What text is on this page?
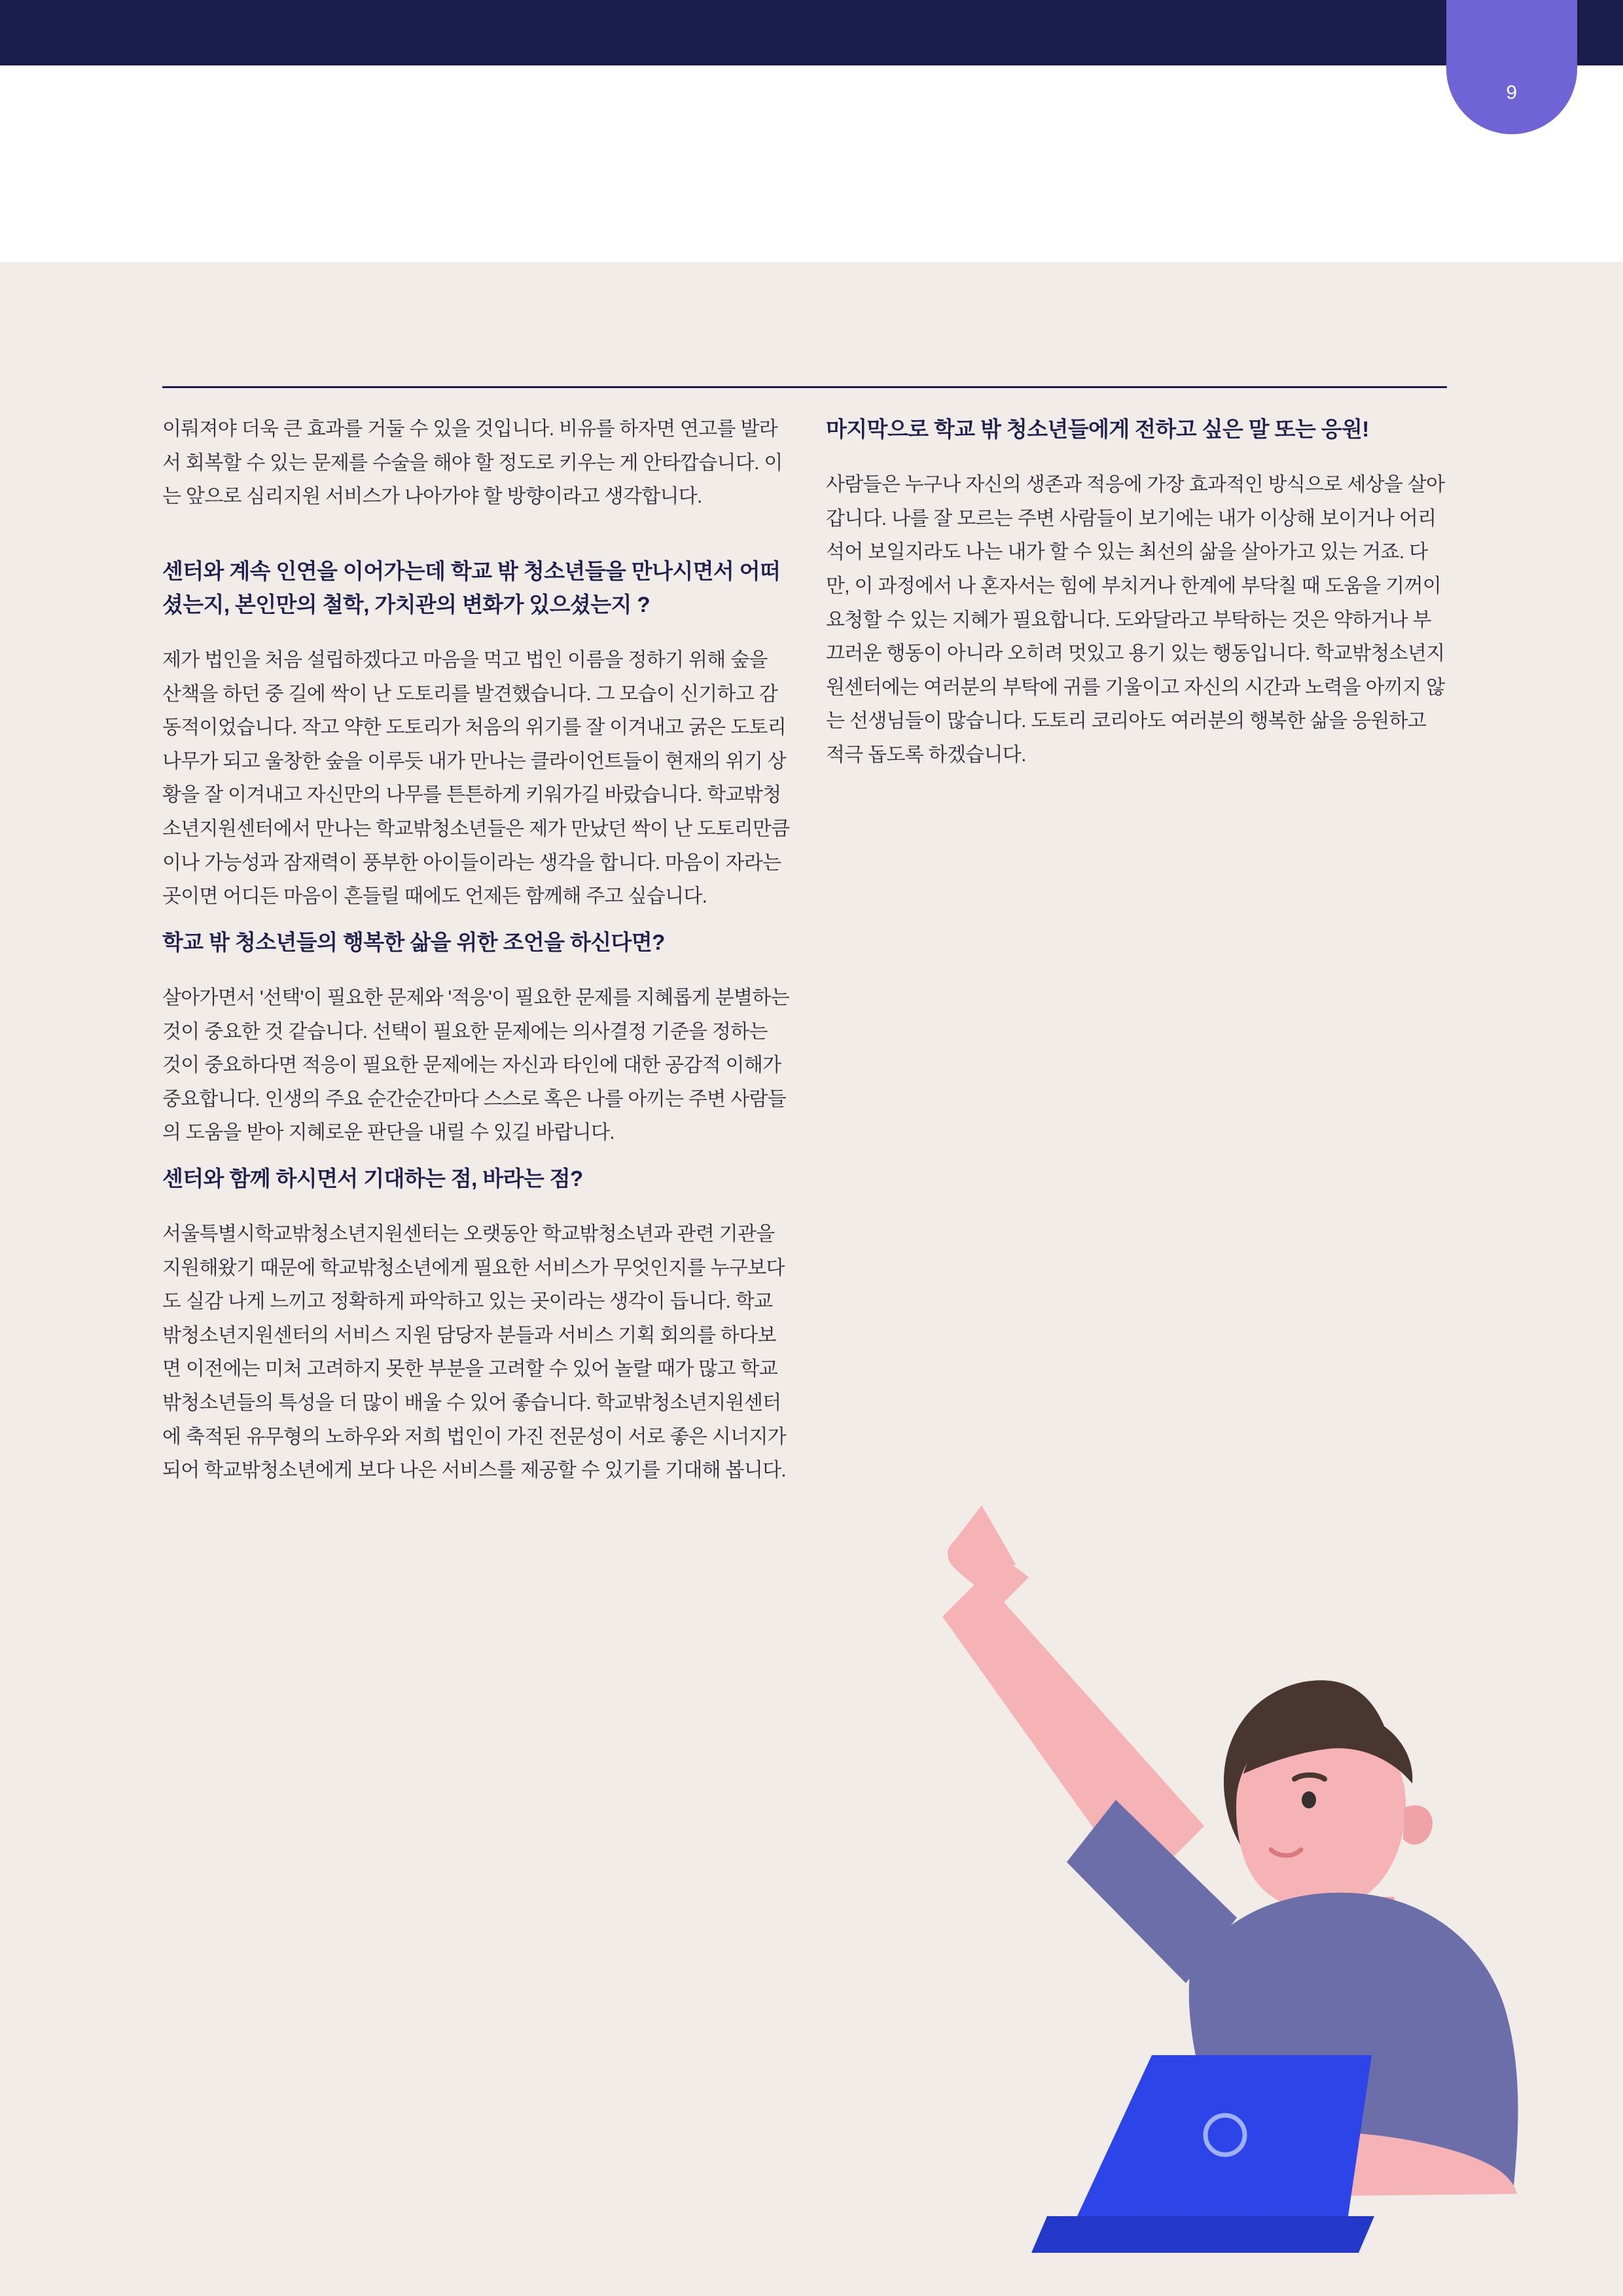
9

이뤄져야 더욱 큰 효과를 거둘 수 있을 것입니다. 비유를 하자면 연고를 발라서 회복할 수 있는 문제를 수술을 해야 할 정도로 키우는 게 안타깝습니다. 이는 앞으로 심리지원 서비스가 나아가야 할 방향이라고 생각합니다.

센터와 계속 인연을 이어가는데 학교 밖 청소년들을 만나시면서 어떠셨는지, 본인만의 철학, 가치관의 변화가 있으셨는지 ?

제가 법인을 처음 설립하겠다고 마음을 먹고 법인 이름을 정하기 위해 숲을 산책을 하던 중 길에 싹이 난 도토리를 발견했습니다. 그 모습이 신기하고 감동적이었습니다. 작고 약한 도토리가 처음의 위기를 잘 이겨내고 굵은 도토리 나무가 되고 울창한 숲을 이루듯 내가 만나는 클라이언트들이 현재의 위기 상황을 잘 이겨내고 자신만의 나무를 튼튼하게 키워가길 바랐습니다. 학교밖청소년지원센터에서 만나는 학교밖청소년들은 제가 만났던 싹이 난 도토리만큼이나 가능성과 잠재력이 풍부한 아이들이라는 생각을 합니다. 마음이 자라는 곳이면 어디든 마음이 흔들릴 때에도 언제든 함께해 주고 싶습니다.

학교 밖 청소년들의 행복한 삶을 위한 조언을 하신다면?

살아가면서 '선택'이 필요한 문제와 '적응'이 필요한 문제를 지혜롭게 분별하는 것이 중요한 것 같습니다. 선택이 필요한 문제에는 의사결정 기준을 정하는 것이 중요하다면 적응이 필요한 문제에는 자신과 타인에 대한 공감적 이해가 중요합니다. 인생의 주요 순간순간마다 스스로 혹은 나를 아끼는 주변 사람들의 도움을 받아 지혜로운 판단을 내릴 수 있길 바랍니다.

센터와 함께 하시면서 기대하는 점, 바라는 점?

서울특별시학교밖청소년지원센터는 오랫동안 학교밖청소년과 관련 기관을 지원해왔기 때문에 학교밖청소년에게 필요한 서비스가 무엇인지를 누구보다도 실감 나게 느끼고 정확하게 파악하고 있는 곳이라는 생각이 듭니다. 학교밖청소년지원센터의 서비스 지원 담당자 분들과 서비스 기획 회의를 하다보면 이전에는 미처 고려하지 못한 부분을 고려할 수 있어 놀랄 때가 많고 학교밖청소년들의 특성을 더 많이 배울 수 있어 좋습니다. 학교밖청소년지원센터에 축적된 유무형의 노하우와 저희 법인이 가진 전문성이 서로 좋은 시너지가 되어 학교밖청소년에게 보다 나은 서비스를 제공할 수 있기를 기대해 봅니다.

마지막으로 학교 밖 청소년들에게 전하고 싶은 말 또는 응원!

사람들은 누구나 자신의 생존과 적응에 가장 효과적인 방식으로 세상을 살아갑니다. 나를 잘 모르는 주변 사람들이 보기에는 내가 이상해 보이거나 어리석어 보일지라도 나는 내가 할 수 있는 최선의 삶을 살아가고 있는 거죠. 다만, 이 과정에서 나 혼자서는 힘에 부치거나 한계에 부닥칠 때 도움을 기꺼이 요청할 수 있는 지혜가 필요합니다. 도와달라고 부탁하는 것은 약하거나 부끄러운 행동이 아니라 오히려 멋있고 용기 있는 행동입니다. 학교밖청소년지원센터에는 여러분의 부탁에 귀를 기울이고 자신의 시간과 노력을 아끼지 않는 선생님들이 많습니다. 도토리 코리아도 여러분의 행복한 삶을 응원하고 적극 돕도록 하겠습니다.
